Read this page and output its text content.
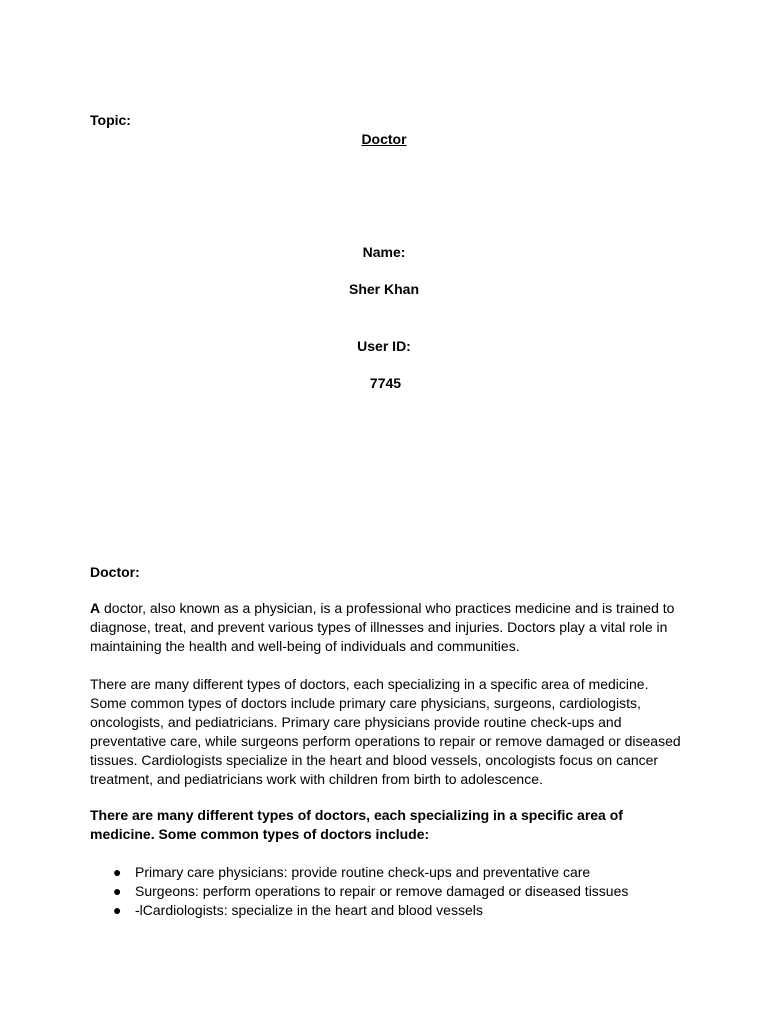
Topic:

Doctor

Name:

Sher Khan

User ID:

7745

Doctor:

A doctor, also known as a physician, is a professional who practices medicine and is trained to diagnose, treat, and prevent various types of illnesses and injuries. Doctors play a vital role in maintaining the health and well-being of individuals and communities.

There are many different types of doctors, each specializing in a specific area of medicine. Some common types of doctors include primary care physicians, surgeons, cardiologists, oncologists, and pediatricians. Primary care physicians provide routine check-ups and preventative care, while surgeons perform operations to repair or remove damaged or diseased tissues. Cardiologists specialize in the heart and blood vessels, oncologists focus on cancer treatment, and pediatricians work with children from birth to adolescence.

There are many different types of doctors, each specializing in a specific area of medicine. Some common types of doctors include:

● Primary care physicians: provide routine check-ups and preventative care
● Surgeons: perform operations to repair or remove damaged or diseased tissues
● -lCardiologists: specialize in the heart and blood vessels
